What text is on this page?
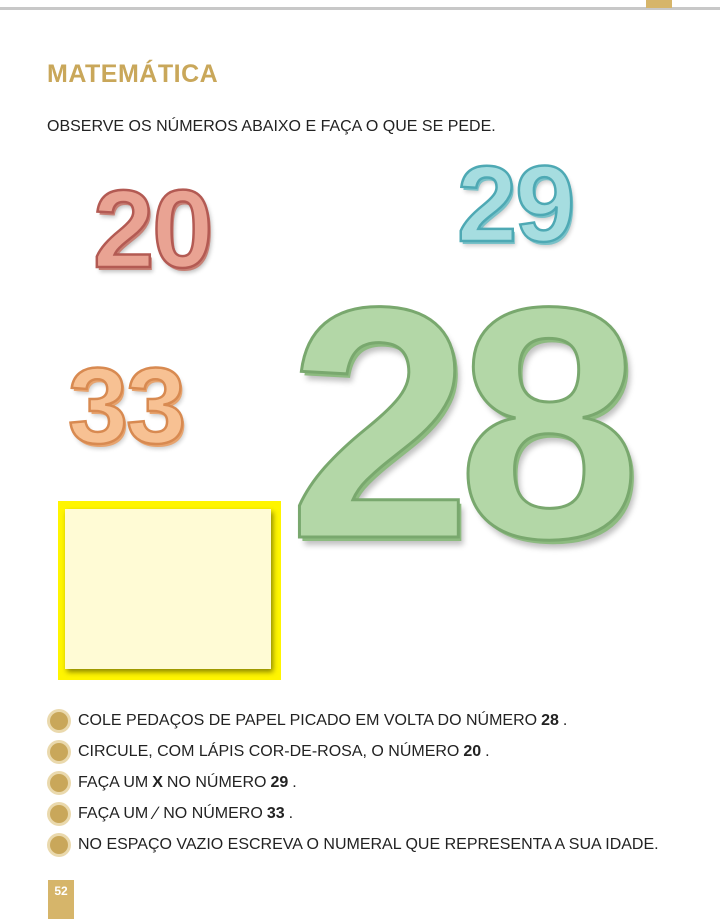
MATEMÁTICA
OBSERVE OS NÚMEROS ABAIXO E FAÇA O QUE SE PEDE.
20 29
33 28
COLE PEDAÇOS DE PAPEL PICADO EM VOLTA DO NÚMERO 28 .
CIRCULE, COM LÁPIS COR-DE-ROSA, O NÚMERO 20 .
FAÇA UM X NO NÚMERO 29 .
FAÇA UM ∕ NO NÚMERO 33 .
NO ESPAÇO VAZIO ESCREVA O NUMERAL QUE REPRESENTA A SUA IDADE.
52
